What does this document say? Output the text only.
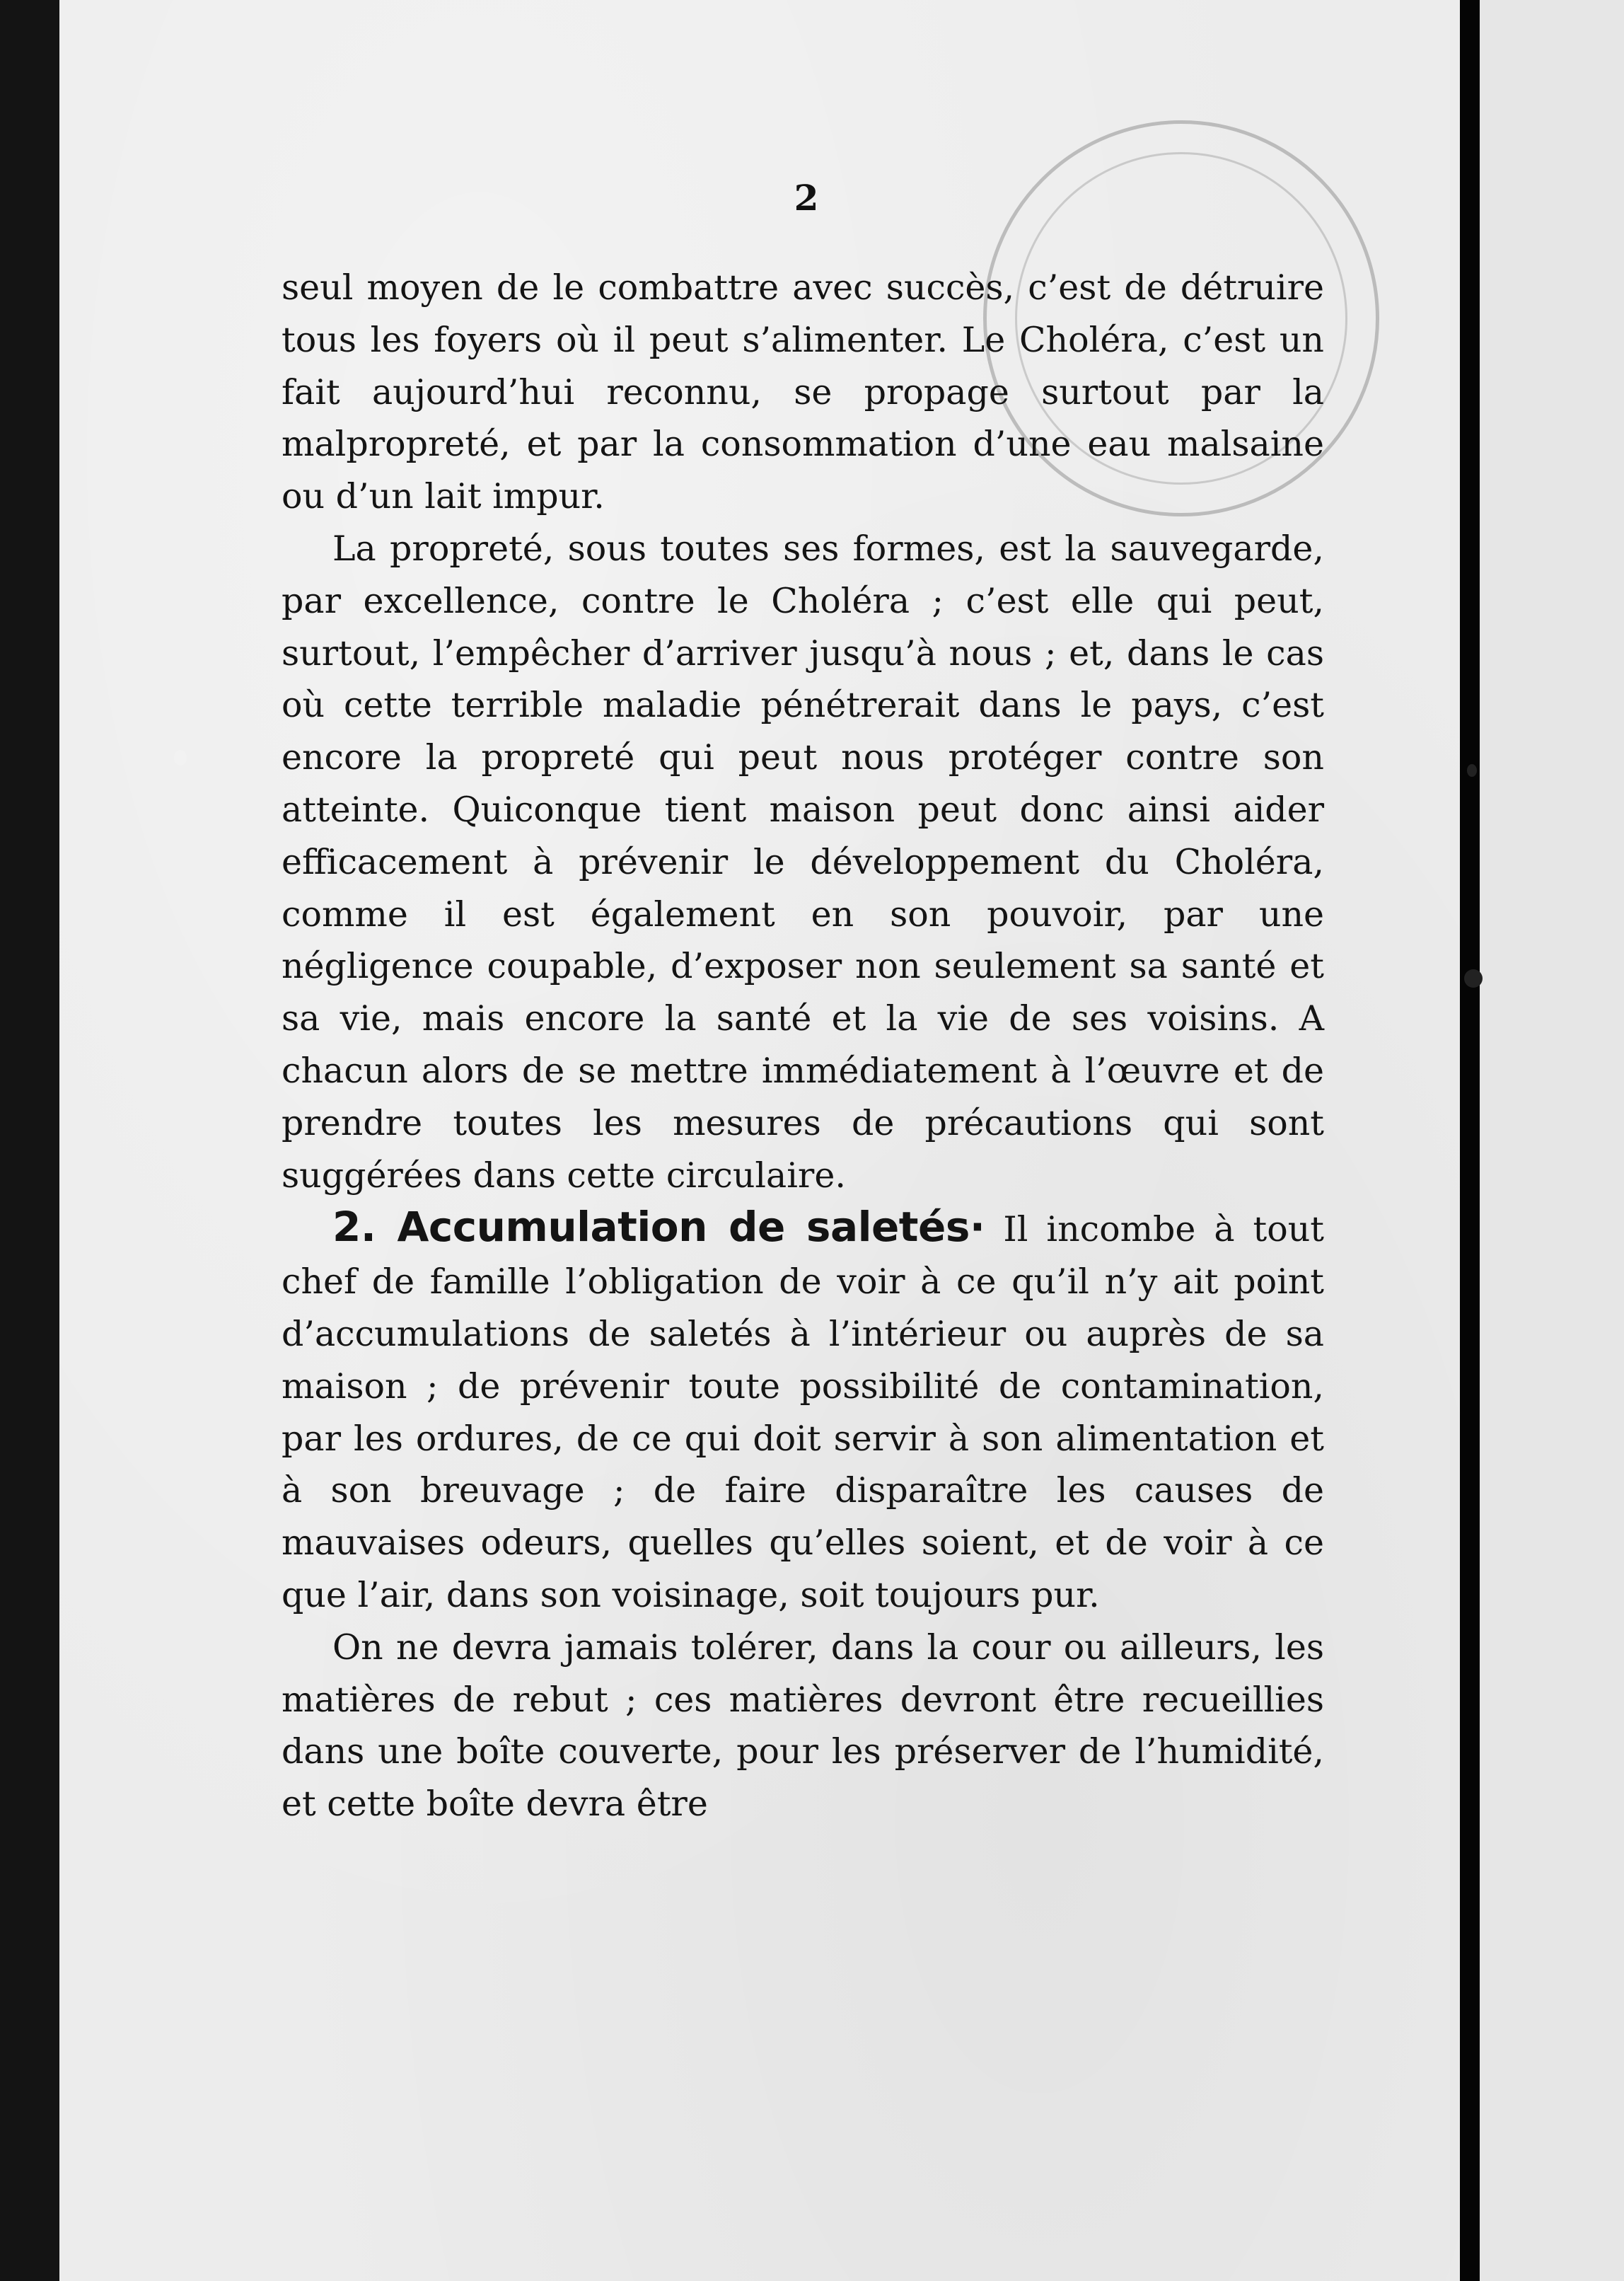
2

seul moyen de le combattre avec succès, c’est de détruire tous les foyers où il peut s’alimenter. Le Choléra, c’est un fait aujourd’hui reconnu, se propage surtout par la malpropreté, et par la consommation d’une eau malsaine ou d’un lait impur.

La propreté, sous toutes ses formes, est la sauvegarde, par excellence, contre le Choléra ; c’est elle qui peut, surtout, l’empêcher d’arriver jusqu’à nous ; et, dans le cas où cette terrible maladie pénétrerait dans le pays, c’est encore la propreté qui peut nous protéger contre son atteinte. Quiconque tient maison peut donc ainsi aider efficacement à prévenir le développement du Choléra, comme il est également en son pouvoir, par une négligence coupable, d’exposer non seulement sa santé et sa vie, mais encore la santé et la vie de ses voisins. A chacun alors de se mettre immédiatement à l’œuvre et de prendre toutes les mesures de précautions qui sont suggérées dans cette circulaire.

2. Accumulation de saletés· Il incombe à tout chef de famille l’obligation de voir à ce qu’il n’y ait point d’accumulations de saletés à l’intérieur ou auprès de sa maison ; de prévenir toute possibilité de contamination, par les ordures, de ce qui doit servir à son alimentation et à son breuvage ; de faire disparaître les causes de mauvaises odeurs, quelles qu’elles soient, et de voir à ce que l’air, dans son voisinage, soit toujours pur.

On ne devra jamais tolérer, dans la cour ou ailleurs, les matières de rebut ; ces matières devront être recueillies dans une boîte couverte, pour les préserver de l’humidité, et cette boîte devra être
